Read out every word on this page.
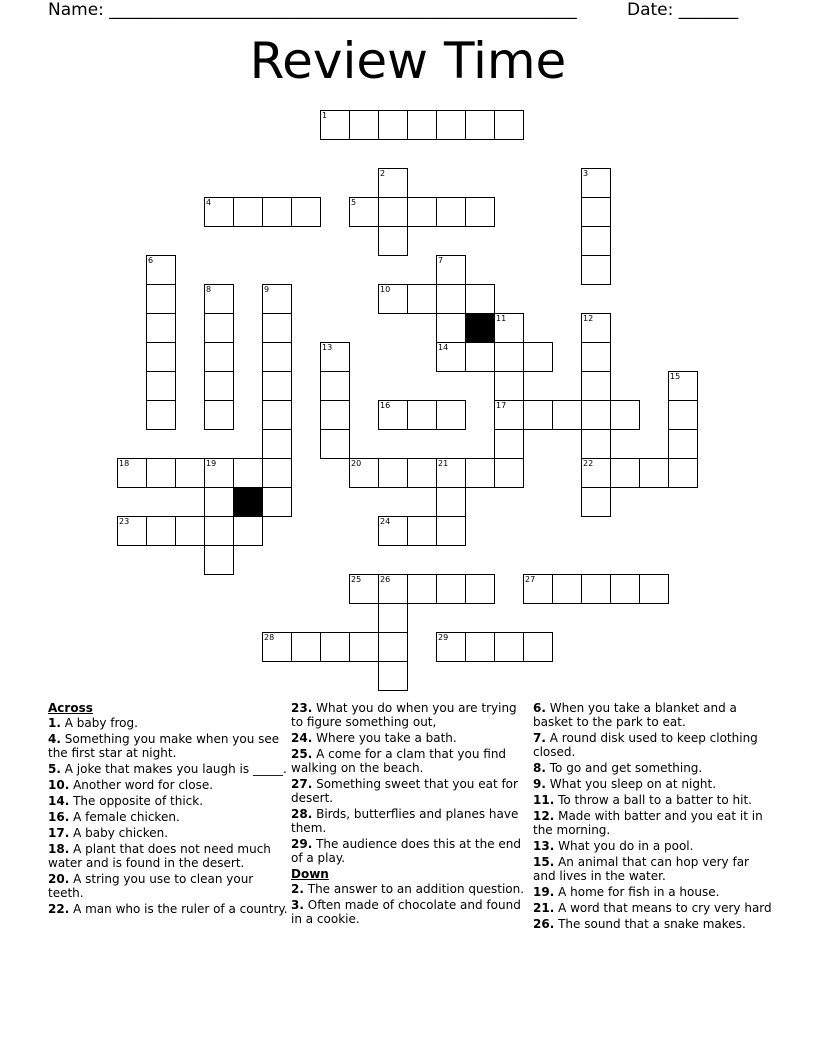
Name: _______________________________________________________	Date: _______
Review Time
1
4	5
10
14
16	17
18	19	20	21	22
23	24
25 26	27
28	29
2	3
6	7
8	9
11	12
13
15
Across
1. A baby frog.
4. Something you make when you see the first star at night.
5. A joke that makes you laugh is _____.
10. Another word for close.
14. The opposite of thick.
16. A female chicken.
17. A baby chicken.
18. A plant that does not need much water and is found in the desert.
20. A string you use to clean your teeth.
22. A man who is the ruler of a country.
23. What you do when you are trying to figure something out,
24. Where you take a bath.
25. A come for a clam that you find walking on the beach.
27. Something sweet that you eat for desert.
28. Birds, butterflies and planes have them.
29. The audience does this at the end of a play.
Down
2. The answer to an addition question.
3. Often made of chocolate and found in a cookie.
6. When you take a blanket and a basket to the park to eat.
7. A round disk used to keep clothing closed.
8. To go and get something.
9. What you sleep on at night.
11. To throw a ball to a batter to hit.
12. Made with batter and you eat it in the morning.
13. What you do in a pool.
15. An animal that can hop very far and lives in the water.
19. A home for fish in a house.
21. A word that means to cry very hard
26. The sound that a snake makes.
